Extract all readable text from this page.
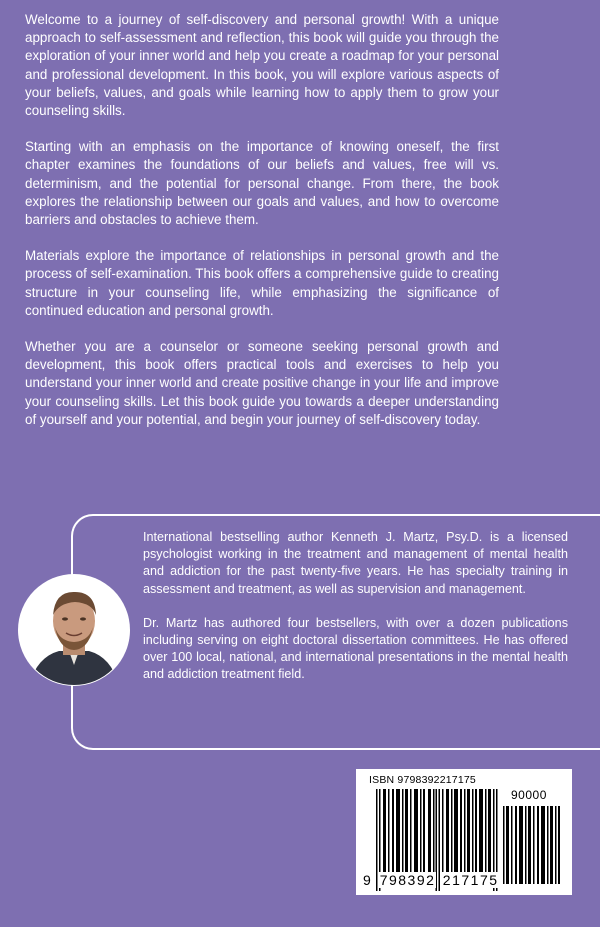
Welcome to a journey of self-discovery and personal growth! With a unique approach to self-assessment and reflection, this book will guide you through the exploration of your inner world and help you create a roadmap for your personal and professional development. In this book, you will explore various aspects of your beliefs, values, and goals while learning how to apply them to grow your counseling skills.

Starting with an emphasis on the importance of knowing oneself, the first chapter examines the foundations of our beliefs and values, free will vs. determinism, and the potential for personal change. From there, the book explores the relationship between our goals and values, and how to overcome barriers and obstacles to achieve them.

Materials explore the importance of relationships in personal growth and the process of self-examination. This book offers a comprehensive guide to creating structure in your counseling life, while emphasizing the significance of continued education and personal growth.

Whether you are a counselor or someone seeking personal growth and development, this book offers practical tools and exercises to help you understand your inner world and create positive change in your life and improve your counseling skills. Let this book guide you towards a deeper understanding of yourself and your potential, and begin your journey of self-discovery today.

International bestselling author Kenneth J. Martz, Psy.D. is a licensed psychologist working in the treatment and management of mental health and addiction for the past twenty-five years. He has specialty training in assessment and treatment, as well as supervision and management.

Dr. Martz has authored four bestsellers, with over a dozen publications including serving on eight doctoral dissertation committees. He has offered over 100 local, national, and international presentations in the mental health and addiction treatment field.

ISBN 9798392217175
90000
9 798392 217175
